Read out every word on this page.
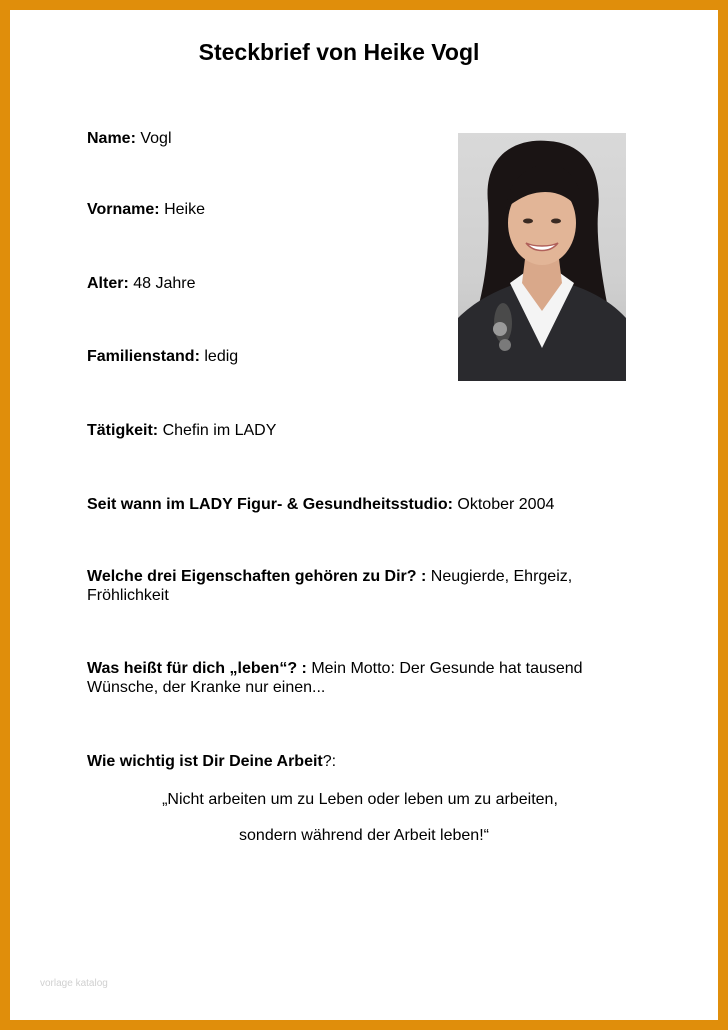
Steckbrief von Heike Vogl
Name: Vogl
Vorname: Heike
Alter: 48 Jahre
Familienstand: ledig
Tätigkeit: Chefin im LADY
Seit wann im LADY Figur- & Gesundheitsstudio: Oktober 2004
Welche drei Eigenschaften gehören zu Dir? : Neugierde, Ehrgeiz, Fröhlichkeit
Was heißt für dich „leben“? : Mein Motto: Der Gesunde hat tausend Wünsche, der Kranke nur einen...
Wie wichtig ist Dir Deine Arbeit?:
„Nicht arbeiten um zu Leben oder leben um zu arbeiten,
sondern während der Arbeit leben!“
vorlage katalog
